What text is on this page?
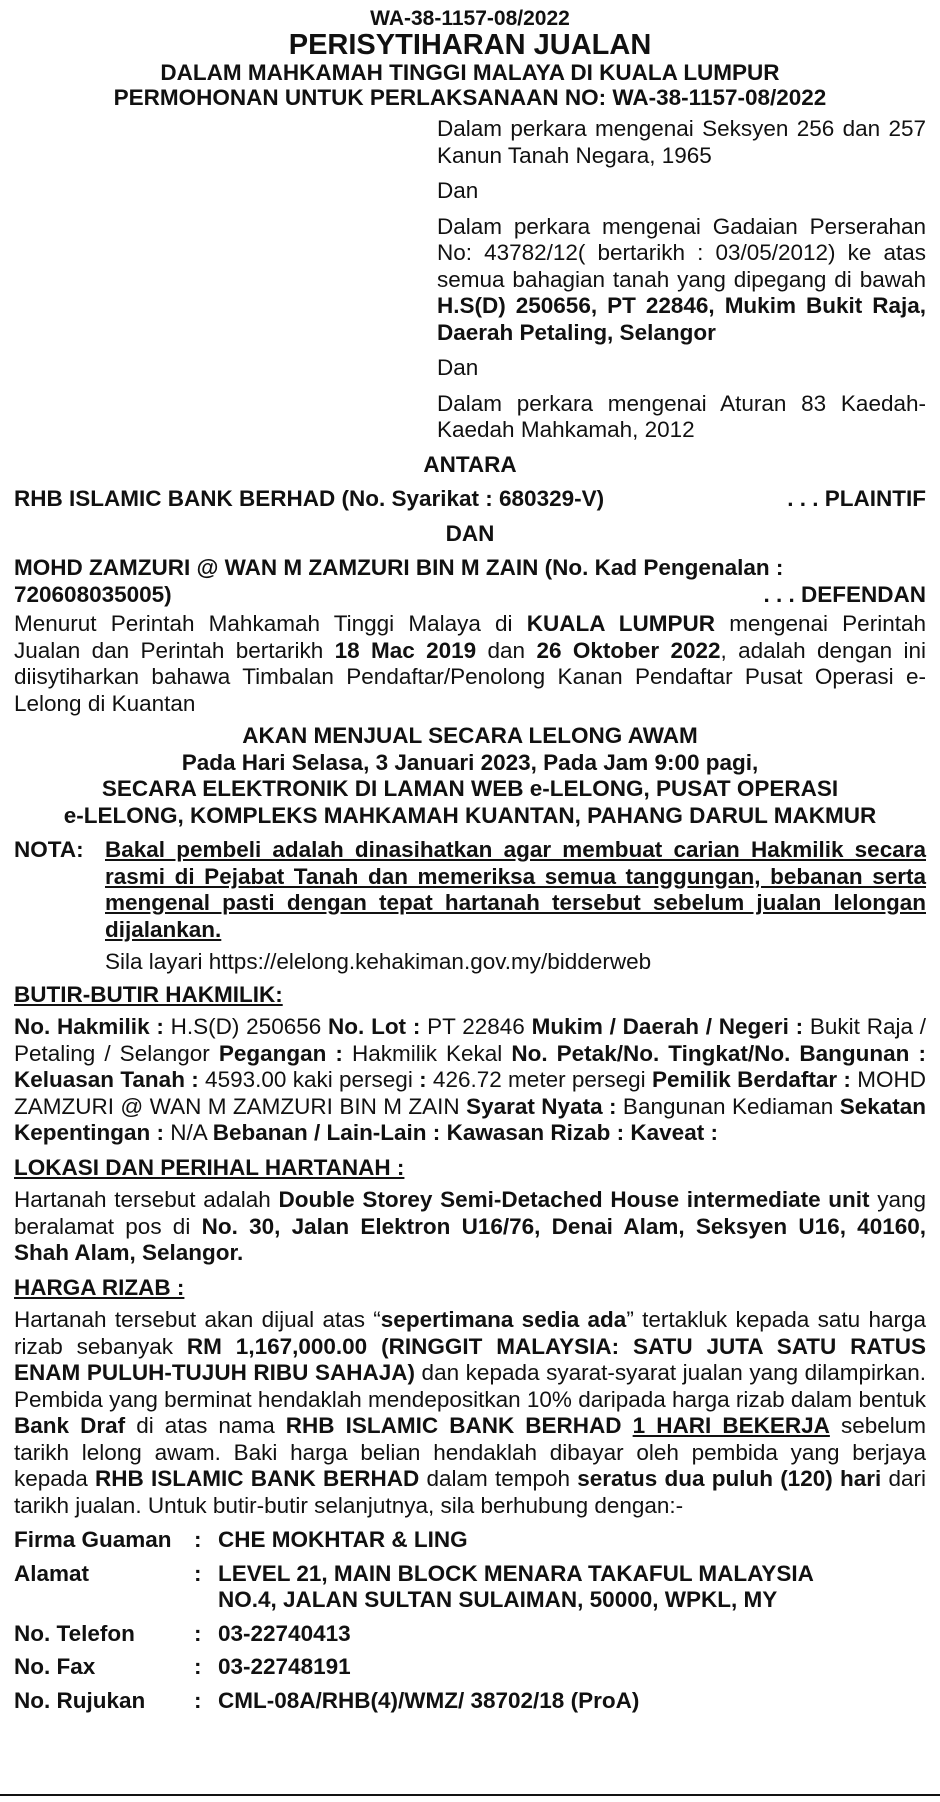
WA-38-1157-08/2022
PERISYTIHARAN JUALAN
DALAM MAHKAMAH TINGGI MALAYA DI KUALA LUMPUR
PERMOHONAN UNTUK PERLAKSANAAN NO: WA-38-1157-08/2022

Dalam perkara mengenai Seksyen 256 dan 257 Kanun Tanah Negara, 1965

Dan

Dalam perkara mengenai Gadaian Perserahan No: 43782/12( bertarikh : 03/05/2012) ke atas semua bahagian tanah yang dipegang di bawah H.S(D) 250656, PT 22846, Mukim Bukit Raja, Daerah Petaling, Selangor

Dan

Dalam perkara mengenai Aturan 83 Kaedah-Kaedah Mahkamah, 2012

ANTARA
RHB ISLAMIC BANK BERHAD (No. Syarikat : 680329-V)	. . . PLAINTIF
DAN
MOHD ZAMZURI @ WAN M ZAMZURI BIN M ZAIN (No. Kad Pengenalan :
720608035005)	. . . DEFENDAN
Menurut Perintah Mahkamah Tinggi Malaya di KUALA LUMPUR mengenai Perintah Jualan dan Perintah bertarikh 18 Mac 2019 dan 26 Oktober 2022, adalah dengan ini diisytiharkan bahawa Timbalan Pendaftar/Penolong Kanan Pendaftar Pusat Operasi e- Lelong di Kuantan
AKAN MENJUAL SECARA LELONG AWAM
Pada Hari Selasa, 3 Januari 2023, Pada Jam 9:00 pagi,
SECARA ELEKTRONIK DI LAMAN WEB e-LELONG, PUSAT OPERASI
e-LELONG, KOMPLEKS MAHKAMAH KUANTAN, PAHANG DARUL MAKMUR
NOTA: Bakal pembeli adalah dinasihatkan agar membuat carian Hakmilik secara rasmi di Pejabat Tanah dan memeriksa semua tanggungan, bebanan serta mengenal pasti dengan tepat hartanah tersebut sebelum jualan lelongan dijalankan.
Sila layari https://elelong.kehakiman.gov.my/bidderweb
BUTIR-BUTIR HAKMILIK:
No. Hakmilik : H.S(D) 250656 No. Lot : PT 22846 Mukim / Daerah / Negeri : Bukit Raja / Petaling / Selangor Pegangan : Hakmilik Kekal No. Petak/No. Tingkat/No. Bangunan : Keluasan Tanah : 4593.00 kaki persegi : 426.72 meter persegi Pemilik Berdaftar : MOHD ZAMZURI @ WAN M ZAMZURI BIN M ZAIN Syarat Nyata : Bangunan Kediaman Sekatan Kepentingan : N/A Bebanan / Lain-Lain : Kawasan Rizab : Kaveat :
LOKASI DAN PERIHAL HARTANAH :
Hartanah tersebut adalah Double Storey Semi-Detached House intermediate unit yang beralamat pos di No. 30, Jalan Elektron U16/76, Denai Alam, Seksyen U16, 40160, Shah Alam, Selangor.
HARGA RIZAB :
Hartanah tersebut akan dijual atas “sepertimana sedia ada” tertakluk kepada satu harga rizab sebanyak RM 1,167,000.00 (RINGGIT MALAYSIA: SATU JUTA SATU RATUS ENAM PULUH-TUJUH RIBU SAHAJA) dan kepada syarat-syarat jualan yang dilampirkan. Pembida yang berminat hendaklah mendepositkan 10% daripada harga rizab dalam bentuk Bank Draf di atas nama RHB ISLAMIC BANK BERHAD 1 HARI BEKERJA sebelum tarikh lelong awam. Baki harga belian hendaklah dibayar oleh pembida yang berjaya kepada RHB ISLAMIC BANK BERHAD dalam tempoh seratus dua puluh (120) hari dari tarikh jualan. Untuk butir-butir selanjutnya, sila berhubung dengan:-
Firma Guaman : CHE MOKHTAR & LING
Alamat	: LEVEL 21, MAIN BLOCK MENARA TAKAFUL MALAYSIA
NO.4, JALAN SULTAN SULAIMAN, 50000, WPKL, MY
No. Telefon	: 03-22740413
No. Fax	: 03-22748191
No. Rujukan	: CML-08A/RHB(4)/WMZ/ 38702/18 (ProA)
